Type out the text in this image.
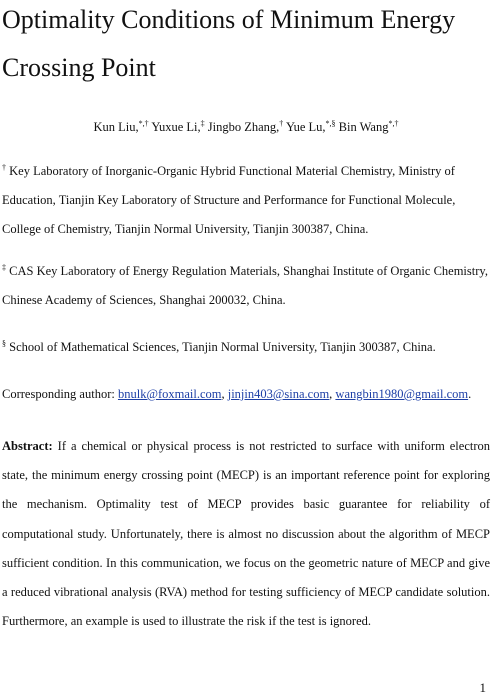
Optimality Conditions of Minimum Energy Crossing Point
Kun Liu,*,† Yuxue Li,‡ Jingbo Zhang,† Yue Lu,*,§ Bin Wang*,†

† Key Laboratory of Inorganic-Organic Hybrid Functional Material Chemistry, Ministry of Education, Tianjin Key Laboratory of Structure and Performance for Functional Molecule, College of Chemistry, Tianjin Normal University, Tianjin 300387, China.

‡ CAS Key Laboratory of Energy Regulation Materials, Shanghai Institute of Organic Chemistry, Chinese Academy of Sciences, Shanghai 200032, China.

§ School of Mathematical Sciences, Tianjin Normal University, Tianjin 300387, China.

Corresponding author: bnulk@foxmail.com, jinjin403@sina.com, wangbin1980@gmail.com.

Abstract: If a chemical or physical process is not restricted to surface with uniform electron state, the minimum energy crossing point (MECP) is an important reference point for exploring the mechanism. Optimality test of MECP provides basic guarantee for reliability of computational study. Unfortunately, there is almost no discussion about the algorithm of MECP sufficient condition. In this communication, we focus on the geometric nature of MECP and give a reduced vibrational analysis (RVA) method for testing sufficiency of MECP candidate solution. Furthermore, an example is used to illustrate the risk if the test is ignored.

1
